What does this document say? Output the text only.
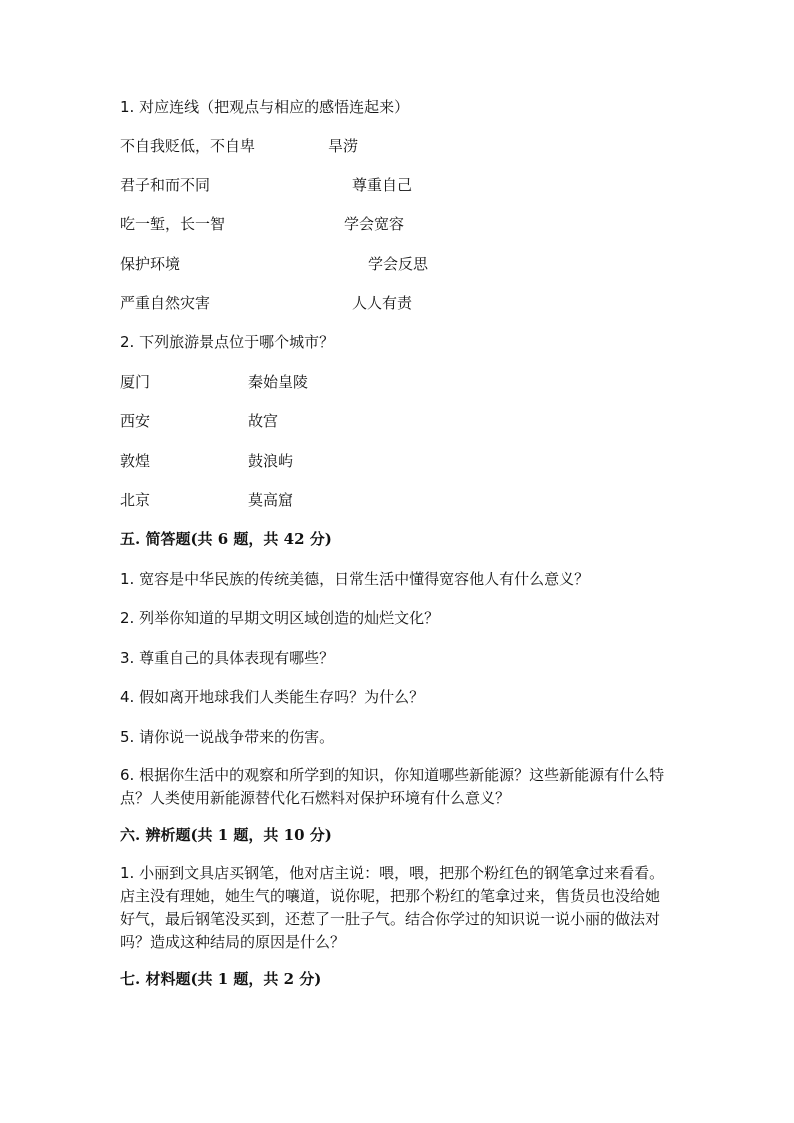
1. 对应连线（把观点与相应的感悟连起来）
不自我贬低，不自卑	旱涝
君子和而不同	尊重自己
吃一堑，长一智	学会宽容
保护环境	学会反思
严重自然灾害	人人有责
2. 下列旅游景点位于哪个城市？
厦门	秦始皇陵
西安	故宫
敦煌	鼓浪屿
北京	莫高窟
五. 简答题(共 6 题，共 42 分)
1. 宽容是中华民族的传统美德，日常生活中懂得宽容他人有什么意义？
2. 列举你知道的早期文明区域创造的灿烂文化？
3. 尊重自己的具体表现有哪些？
4. 假如离开地球我们人类能生存吗？为什么？
5. 请你说一说战争带来的伤害。
6. 根据你生活中的观察和所学到的知识，你知道哪些新能源？这些新能源有什么特点？人类使用新能源替代化石燃料对保护环境有什么意义？
六. 辨析题(共 1 题，共 10 分)
1. 小丽到文具店买钢笔，他对店主说：喂，喂，把那个粉红色的钢笔拿过来看看。店主没有理她，她生气的嚷道，说你呢，把那个粉红的笔拿过来，售货员也没给她好气，最后钢笔没买到，还惹了一肚子气。结合你学过的知识说一说小丽的做法对吗？造成这种结局的原因是什么？
七. 材料题(共 1 题，共 2 分)
